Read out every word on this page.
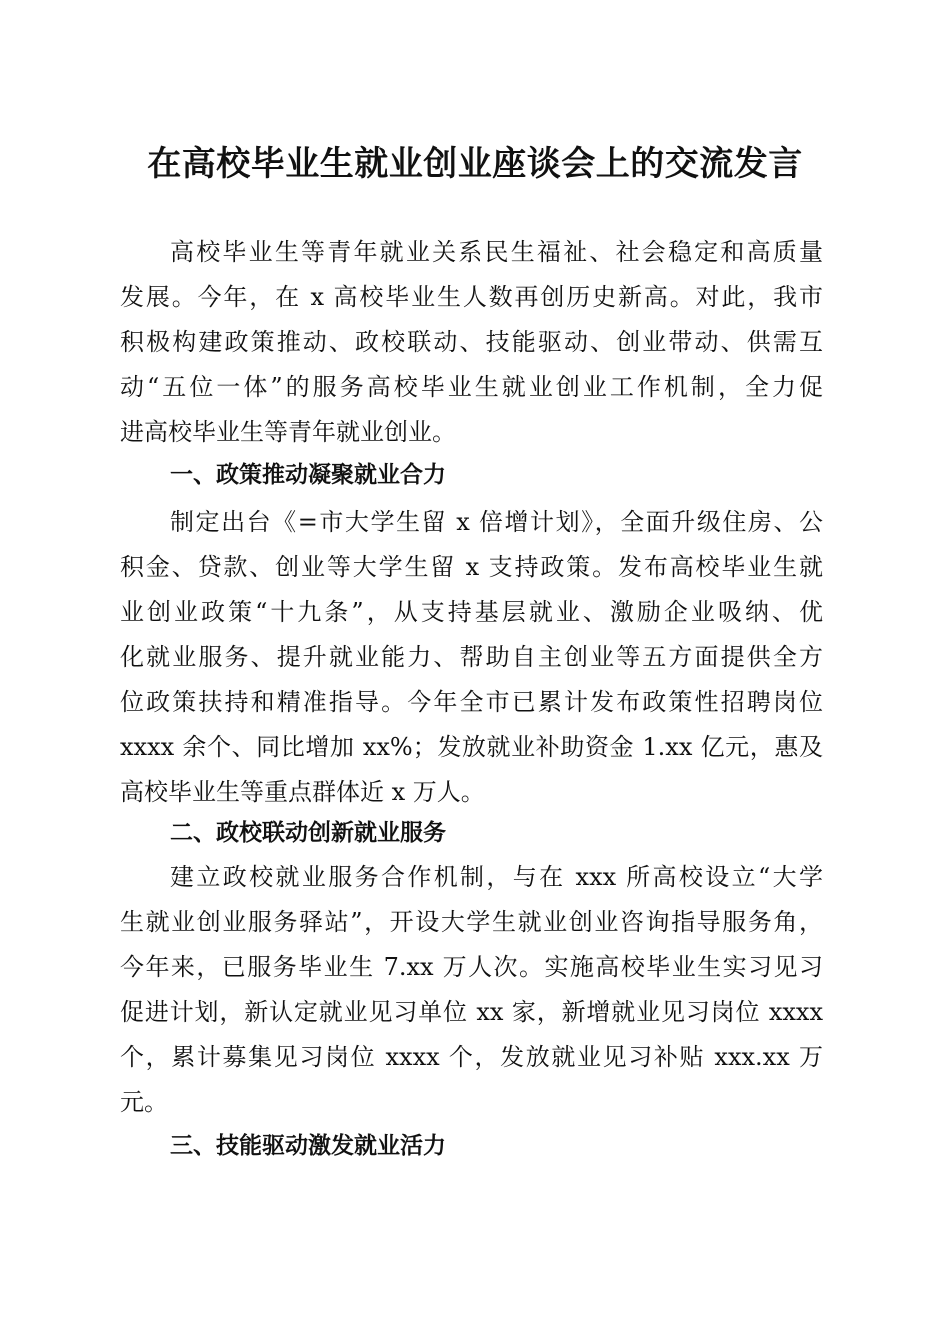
在高校毕业生就业创业座谈会上的交流发言
高校毕业生等青年就业关系民生福祉、社会稳定和高质量
发展。今年，在 x 高校毕业生人数再创历史新高。对此，我市
积极构建政策推动、政校联动、技能驱动、创业带动、供需互
动“五位一体”的服务高校毕业生就业创业工作机制，全力促
进高校毕业生等青年就业创业。
一、政策推动凝聚就业合力
制定出台《=市大学生留 x 倍增计划》，全面升级住房、公
积金、贷款、创业等大学生留 x 支持政策。发布高校毕业生就
业创业政策“十九条”，从支持基层就业、激励企业吸纳、优
化就业服务、提升就业能力、帮助自主创业等五方面提供全方
位政策扶持和精准指导。今年全市已累计发布政策性招聘岗位
xxxx 余个、同比增加 xx%；发放就业补助资金 1.xx 亿元，惠及
高校毕业生等重点群体近 x 万人。
二、政校联动创新就业服务
建立政校就业服务合作机制，与在 xxx 所高校设立“大学
生就业创业服务驿站”，开设大学生就业创业咨询指导服务角，
今年来，已服务毕业生 7.xx 万人次。实施高校毕业生实习见习
促进计划，新认定就业见习单位 xx 家，新增就业见习岗位 xxxx
个，累计募集见习岗位 xxxx 个，发放就业见习补贴 xxx.xx 万
元。
三、技能驱动激发就业活力
